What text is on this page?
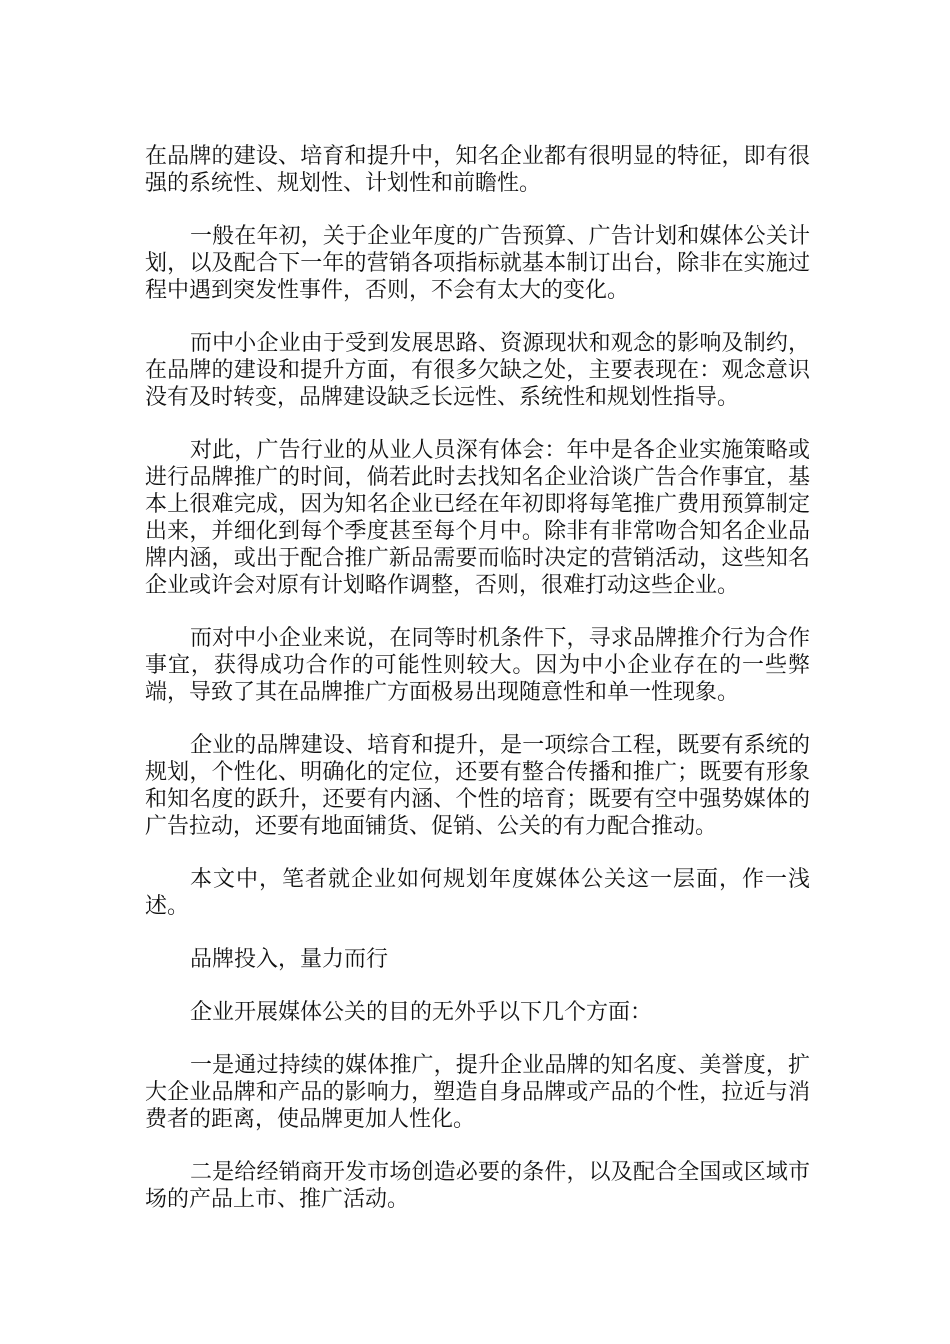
在品牌的建设、培育和提升中，知名企业都有很明显的特征，即有很强的系统性、规划性、计划性和前瞻性。

一般在年初，关于企业年度的广告预算、广告计划和媒体公关计划，以及配合下一年的营销各项指标就基本制订出台，除非在实施过程中遇到突发性事件，否则，不会有太大的变化。

而中小企业由于受到发展思路、资源现状和观念的影响及制约，在品牌的建设和提升方面，有很多欠缺之处，主要表现在：观念意识没有及时转变，品牌建设缺乏长远性、系统性和规划性指导。

对此，广告行业的从业人员深有体会：年中是各企业实施策略或进行品牌推广的时间，倘若此时去找知名企业洽谈广告合作事宜，基本上很难完成，因为知名企业已经在年初即将每笔推广费用预算制定出来，并细化到每个季度甚至每个月中。除非有非常吻合知名企业品牌内涵，或出于配合推广新品需要而临时决定的营销活动，这些知名企业或许会对原有计划略作调整，否则，很难打动这些企业。

而对中小企业来说，在同等时机条件下，寻求品牌推介行为合作事宜，获得成功合作的可能性则较大。因为中小企业存在的一些弊端，导致了其在品牌推广方面极易出现随意性和单一性现象。

企业的品牌建设、培育和提升，是一项综合工程，既要有系统的规划，个性化、明确化的定位，还要有整合传播和推广；既要有形象和知名度的跃升，还要有内涵、个性的培育；既要有空中强势媒体的广告拉动，还要有地面铺货、促销、公关的有力配合推动。

本文中，笔者就企业如何规划年度媒体公关这一层面，作一浅述。

品牌投入，量力而行

企业开展媒体公关的目的无外乎以下几个方面：

一是通过持续的媒体推广，提升企业品牌的知名度、美誉度，扩大企业品牌和产品的影响力，塑造自身品牌或产品的个性，拉近与消费者的距离，使品牌更加人性化。

二是给经销商开发市场创造必要的条件，以及配合全国或区域市场的产品上市、推广活动。
